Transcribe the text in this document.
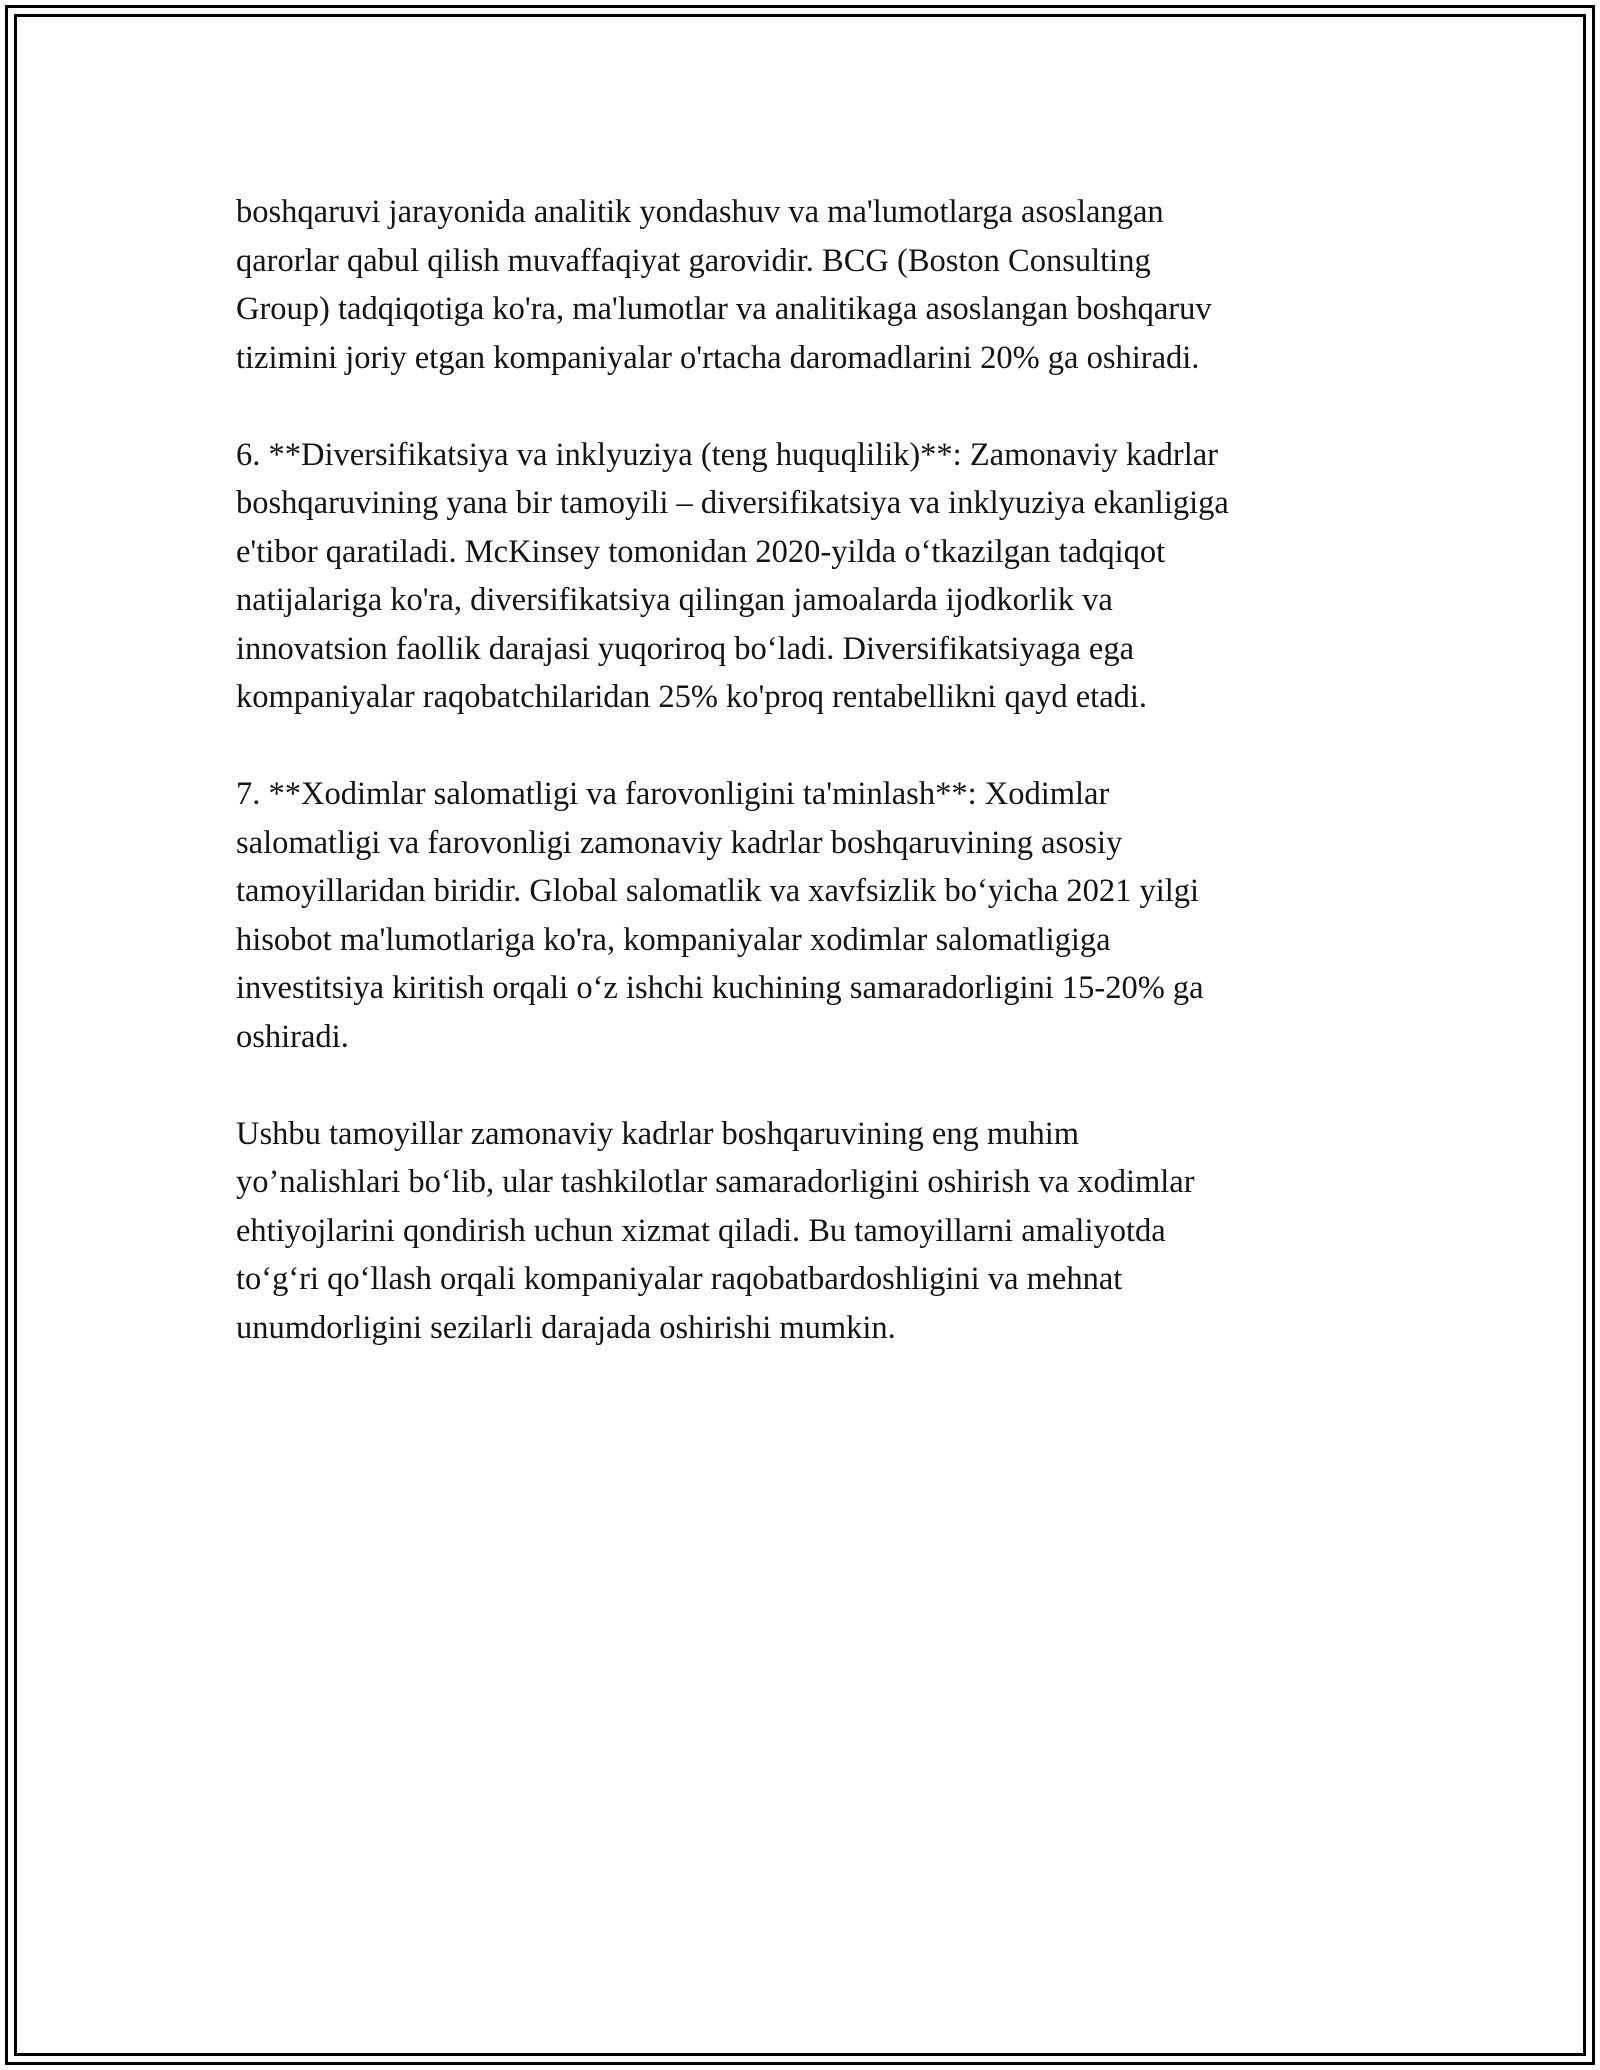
boshqaruvi jarayonida analitik yondashuv va ma'lumotlarga asoslangan
qarorlar qabul qilish muvaffaqiyat garovidir. BCG (Boston Consulting
Group) tadqiqotiga ko'ra, ma'lumotlar va analitikaga asoslangan boshqaruv
tizimini joriy etgan kompaniyalar o'rtacha daromadlarini 20% ga oshiradi.

6. **Diversifikatsiya va inklyuziya (teng huquqlilik)**: Zamonaviy kadrlar
boshqaruvining yana bir tamoyili – diversifikatsiya va inklyuziya ekanligiga
e'tibor qaratiladi. McKinsey tomonidan 2020-yilda o‘tkazilgan tadqiqot
natijalariga ko'ra, diversifikatsiya qilingan jamoalarda ijodkorlik va
innovatsion faollik darajasi yuqoriroq bo‘ladi. Diversifikatsiyaga ega
kompaniyalar raqobatchilaridan 25% ko'proq rentabellikni qayd etadi.

7. **Xodimlar salomatligi va farovonligini ta'minlash**: Xodimlar
salomatligi va farovonligi zamonaviy kadrlar boshqaruvining asosiy
tamoyillaridan biridir. Global salomatlik va xavfsizlik bo‘yicha 2021 yilgi
hisobot ma'lumotlariga ko'ra, kompaniyalar xodimlar salomatligiga
investitsiya kiritish orqali o‘z ishchi kuchining samaradorligini 15-20% ga
oshiradi.

Ushbu tamoyillar zamonaviy kadrlar boshqaruvining eng muhim
yo’nalishlari bo‘lib, ular tashkilotlar samaradorligini oshirish va xodimlar
ehtiyojlarini qondirish uchun xizmat qiladi. Bu tamoyillarni amaliyotda
to‘g‘ri qo‘llash orqali kompaniyalar raqobatbardoshligini va mehnat
unumdorligini sezilarli darajada oshirishi mumkin.
